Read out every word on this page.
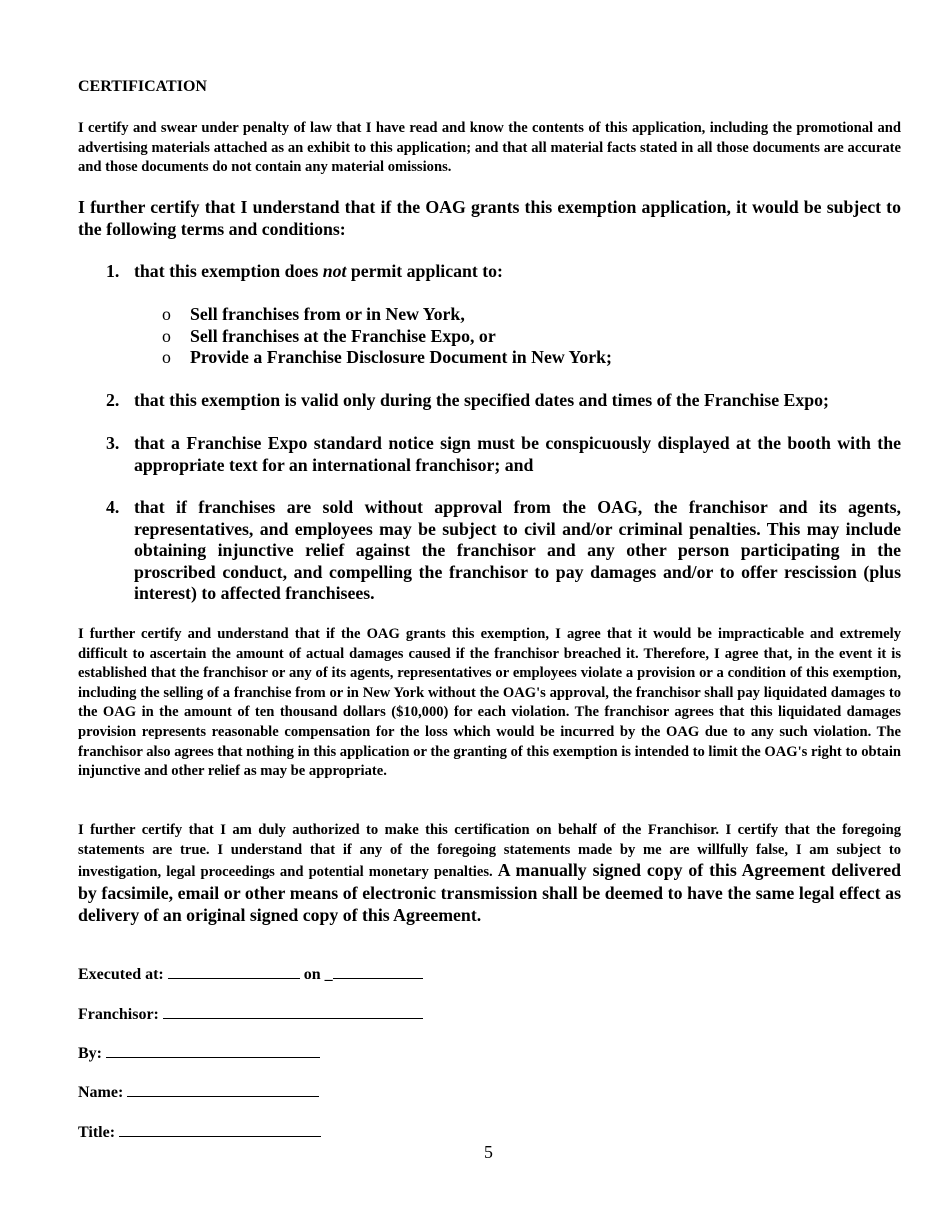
CERTIFICATION
I certify and swear under penalty of law that I have read and know the contents of this application, including the promotional and advertising materials attached as an exhibit to this application; and that all material facts stated in all those documents are accurate and those documents do not contain any material omissions.
I further certify that I understand that if the OAG grants this exemption application, it would be subject to the following terms and conditions:
1. that this exemption does not permit applicant to:
o Sell franchises from or in New York,
o Sell franchises at the Franchise Expo, or
o Provide a Franchise Disclosure Document in New York;
2. that this exemption is valid only during the specified dates and times of the Franchise Expo;
3. that a Franchise Expo standard notice sign must be conspicuously displayed at the booth with the appropriate text for an international franchisor; and
4. that if franchises are sold without approval from the OAG, the franchisor and its agents, representatives, and employees may be subject to civil and/or criminal penalties. This may include obtaining injunctive relief against the franchisor and any other person participating in the proscribed conduct, and compelling the franchisor to pay damages and/or to offer rescission (plus interest) to affected franchisees.
I further certify and understand that if the OAG grants this exemption, I agree that it would be impracticable and extremely difficult to ascertain the amount of actual damages caused if the franchisor breached it. Therefore, I agree that, in the event it is established that the franchisor or any of its agents, representatives or employees violate a provision or a condition of this exemption, including the selling of a franchise from or in New York without the OAG's approval, the franchisor shall pay liquidated damages to the OAG in the amount of ten thousand dollars ($10,000) for each violation. The franchisor agrees that this liquidated damages provision represents reasonable compensation for the loss which would be incurred by the OAG due to any such violation. The franchisor also agrees that nothing in this application or the granting of this exemption is intended to limit the OAG's right to obtain injunctive and other relief as may be appropriate.
I further certify that I am duly authorized to make this certification on behalf of the Franchisor. I certify that the foregoing statements are true. I understand that if any of the foregoing statements made by me are willfully false, I am subject to investigation, legal proceedings and potential monetary penalties. A manually signed copy of this Agreement delivered by facsimile, email or other means of electronic transmission shall be deemed to have the same legal effect as delivery of an original signed copy of this Agreement.
Executed at:	on _
Franchisor:
By:
Name:
Title:
5
